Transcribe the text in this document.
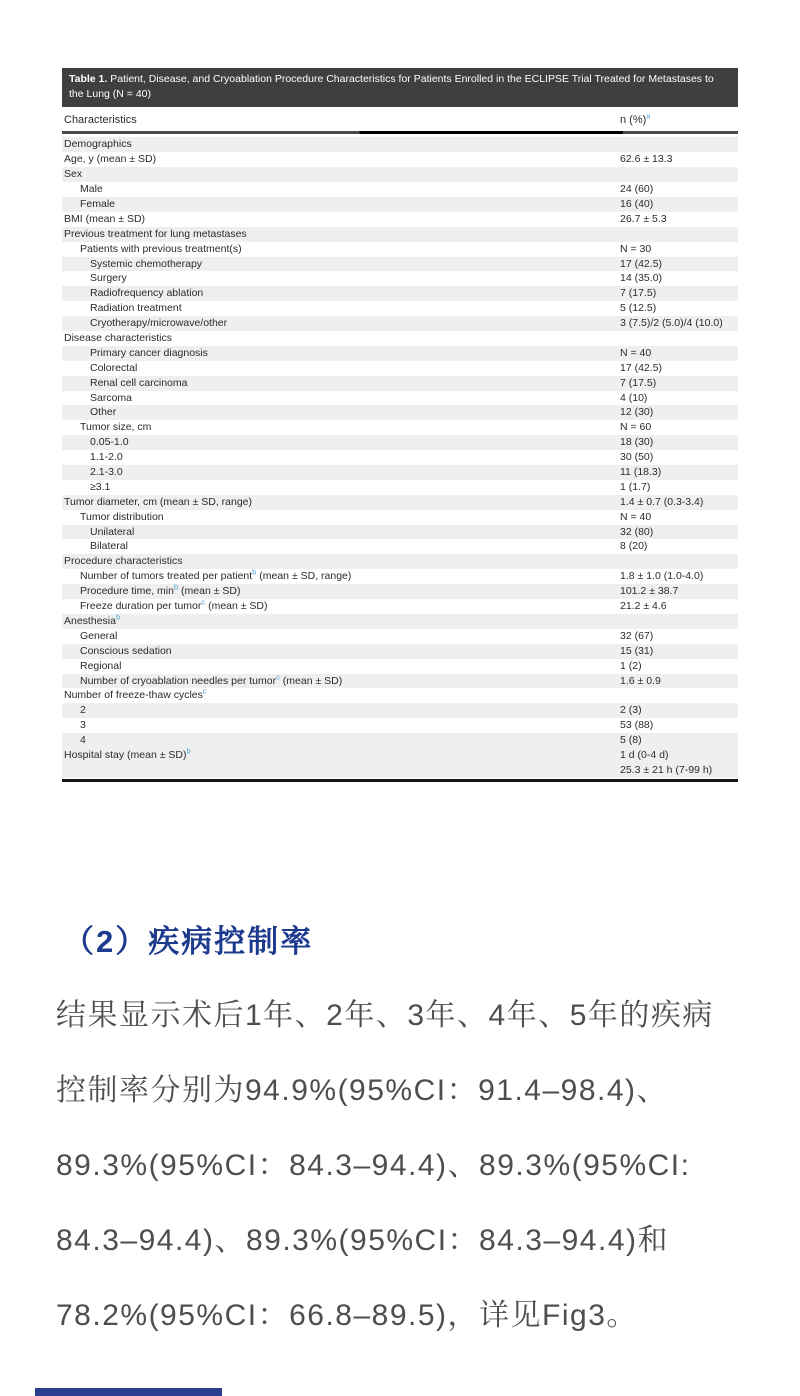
Table 1. Patient, Disease, and Cryoablation Procedure Characteristics for Patients Enrolled in the ECLIPSE Trial Treated for Metastases to the Lung (N = 40)
Characteristics	n (%)$^a$
Demographics
Age, y (mean ± SD)	62.6 ± 13.3
Sex
Male	24 (60)
Female	16 (40)
BMI (mean ± SD)	26.7 ± 5.3
Previous treatment for lung metastases
Patients with previous treatment(s)	N = 30
Systemic chemotherapy	17 (42.5)
Surgery	14 (35.0)
Radiofrequency ablation	7 (17.5)
Radiation treatment	5 (12.5)
Cryotherapy/microwave/other	3 (7.5)/2 (5.0)/4 (10.0)
Disease characteristics
Primary cancer diagnosis	N = 40
Colorectal	17 (42.5)
Renal cell carcinoma	7 (17.5)
Sarcoma	4 (10)
Other	12 (30)
Tumor size, cm	N = 60
0.05-1.0	18 (30)
1.1-2.0	30 (50)
2.1-3.0	11 (18.3)
≥3.1	1 (1.7)
Tumor diameter, cm (mean ± SD, range)	1.4 ± 0.7 (0.3-3.4)
Tumor distribution	N = 40
Unilateral	32 (80)
Bilateral	8 (20)
Procedure characteristics
Number of tumors treated per patient$^b$ (mean ± SD, range)	1.8 ± 1.0 (1.0-4.0)
Procedure time, $\min^b$ (mean ± SD)	101.2 ± 38.7
Freeze duration per tumor$^c$ (mean ± SD)	21.2 ± 4.6
Anesthesia$^b$
General	32 (67)
Conscious sedation	15 (31)
Regional	1 (2)
Number of cryoablation needles per tumor$^c$ (mean ± SD)	1.6 ± 0.9
Number of freeze-thaw cycles$^c$
2	2 (3)
3	53 (88)
4	5 (8)
Hospital stay (mean ± SD)$^b$	1 d (0-4 d)
25.3 ± 21 h (7-99 h)
（2）疾病控制率
结果显示术后1年、2年、3年、4年、5年的疾病
控制率分别为94.9%(95%CI：91.4–98.4)、
89.3%(95%CI：84.3–94.4)、89.3%(95%CI:
84.3–94.4)、89.3%(95%CI：84.3–94.4)和
78.2%(95%CI：66.8–89.5)，详见Fig3。
